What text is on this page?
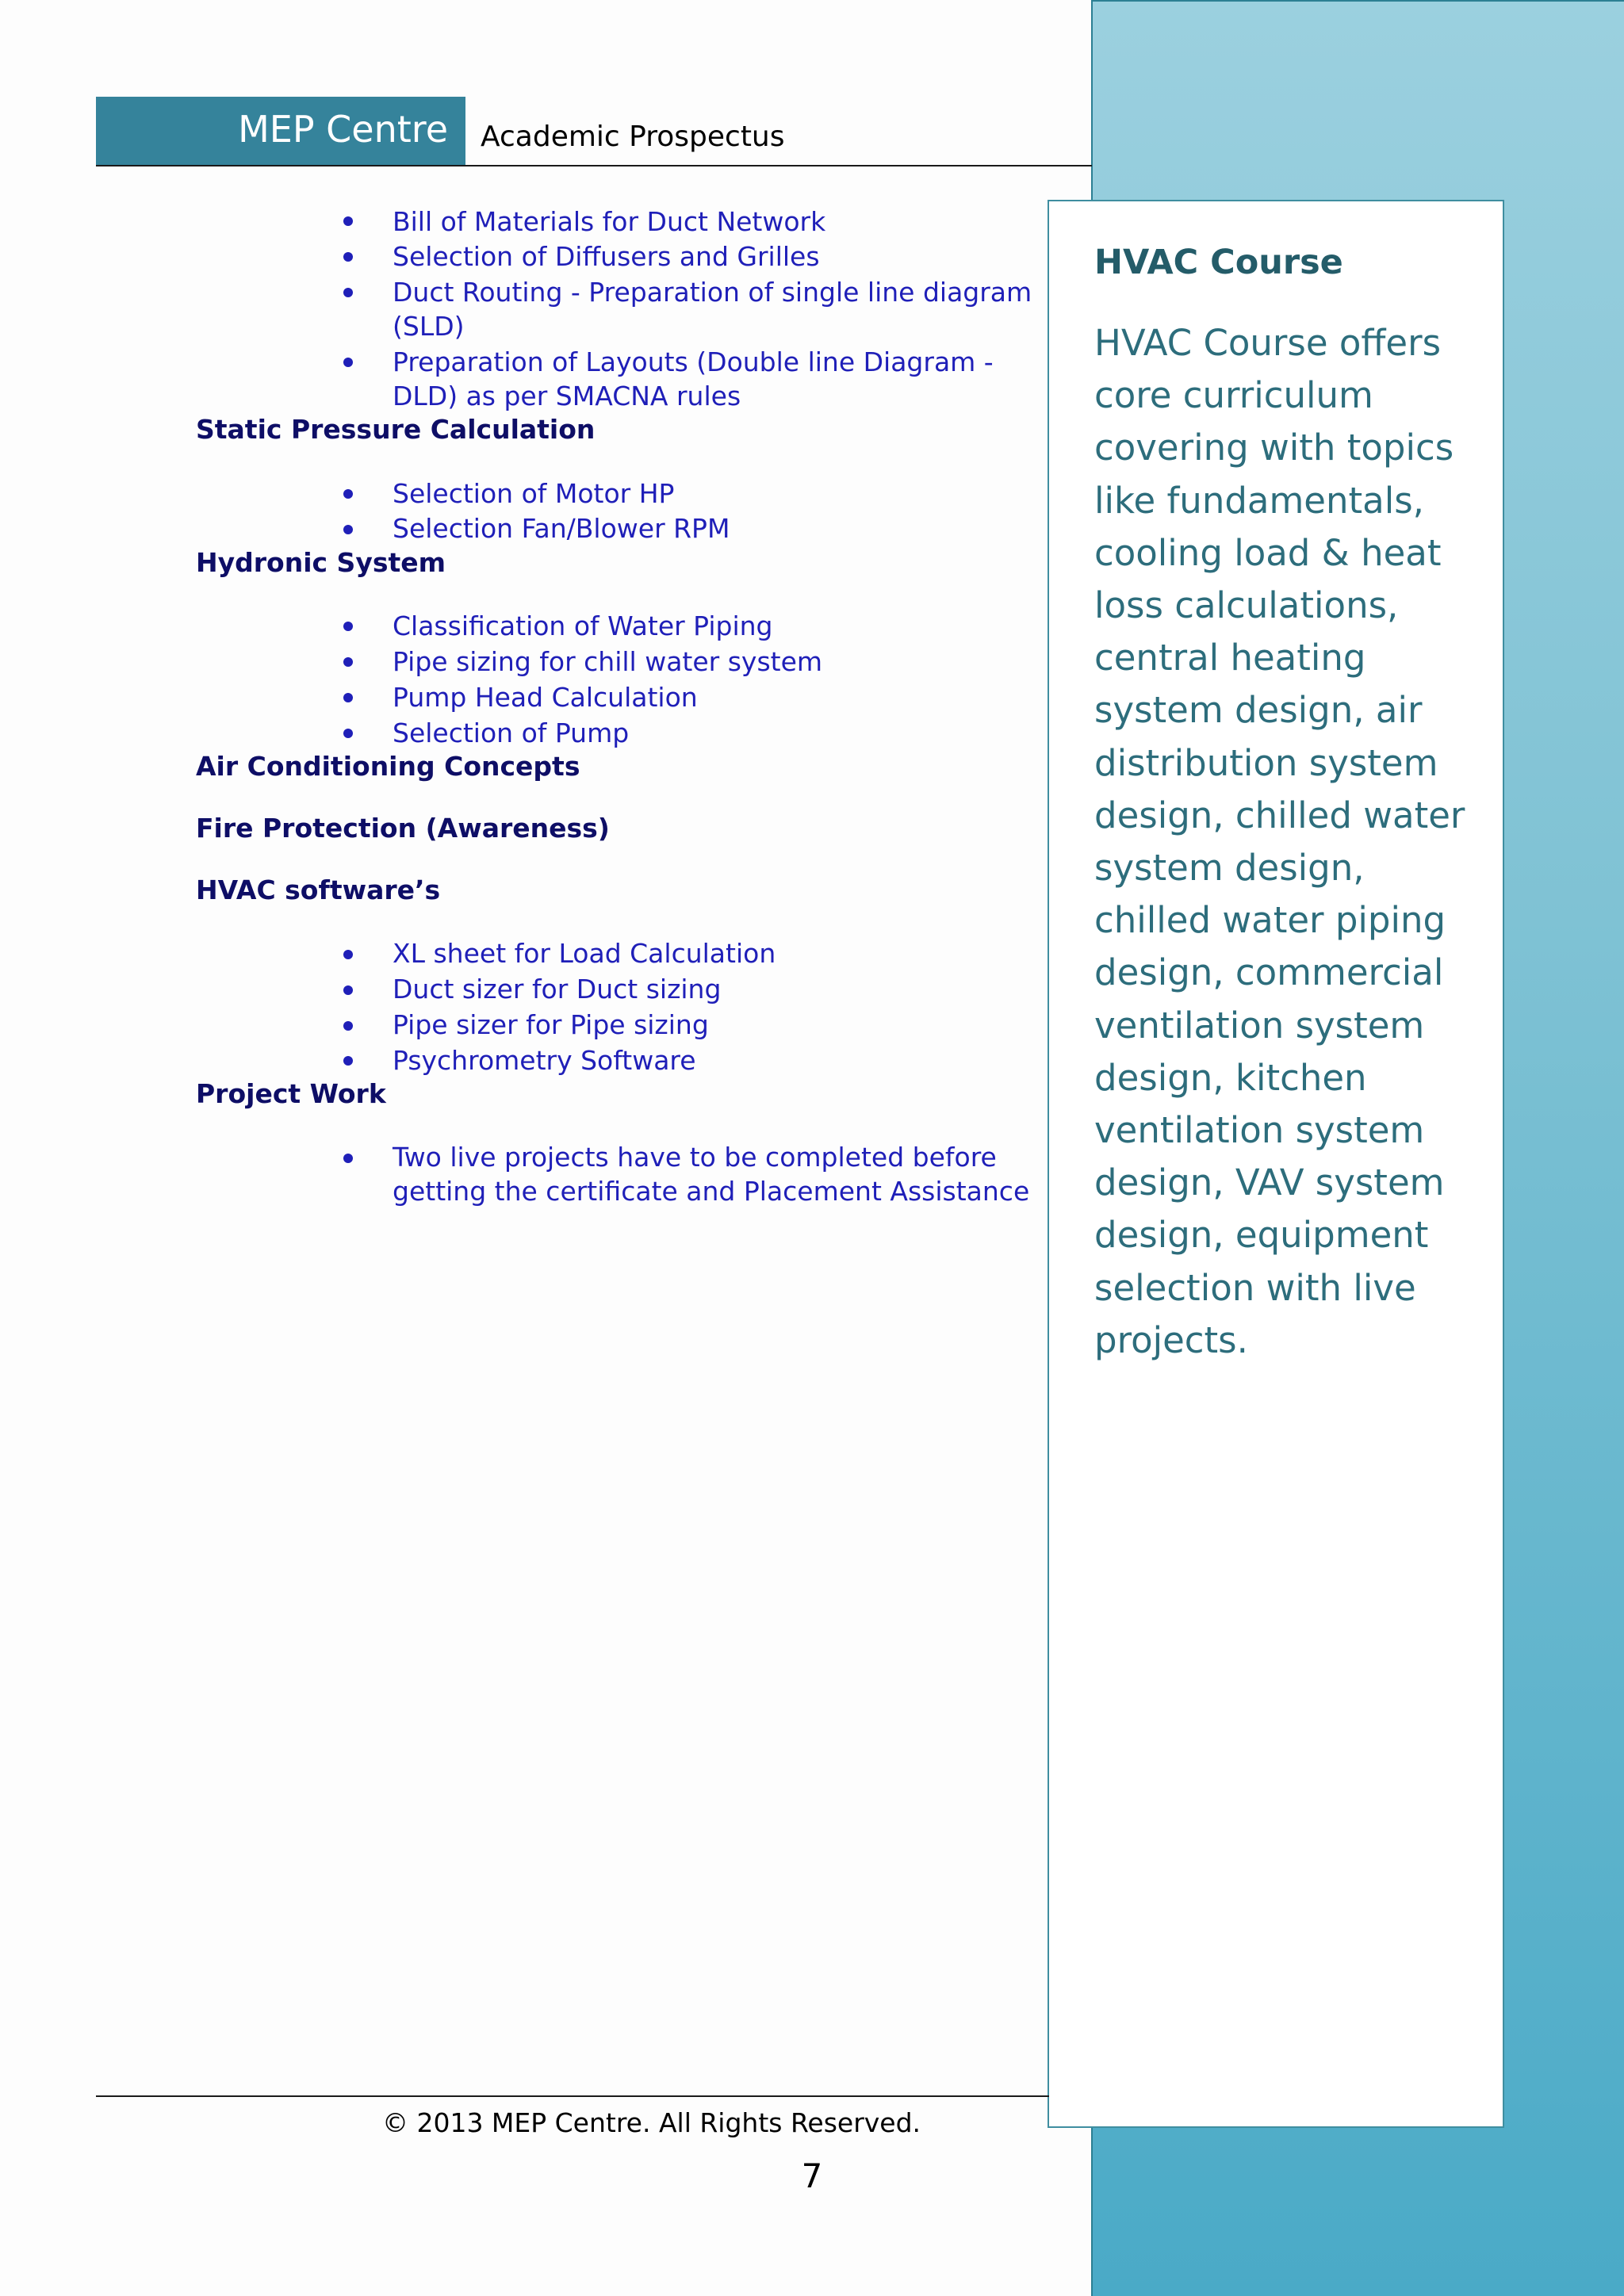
MEP Centre	Academic Prospectus
Bill of Materials for Duct Network
Selection of Diffusers and Grilles
Duct Routing - Preparation of single line diagram
(SLD)
Preparation of Layouts (Double line Diagram -
DLD) as per SMACNA rules
Static Pressure Calculation
Selection of Motor HP
Selection Fan/Blower RPM
Hydronic System
Classification of Water Piping
Pipe sizing for chill water system
Pump Head Calculation
Selection of Pump
Air Conditioning Concepts
Fire Protection (Awareness)
HVAC software’s
XL sheet for Load Calculation
Duct sizer for Duct sizing
Pipe sizer for Pipe sizing
Psychrometry Software
Project Work
Two live projects have to be completed before
getting the certificate and Placement Assistance
HVAC Course
HVAC Course offers core curriculum covering with topics like fundamentals, cooling load & heat loss calculations, central heating system design, air distribution system design, chilled water system design, chilled water piping design, commercial ventilation system design, kitchen ventilation system design, VAV system design, equipment selection with live projects.
© 2013 MEP Centre. All Rights Reserved.
7
